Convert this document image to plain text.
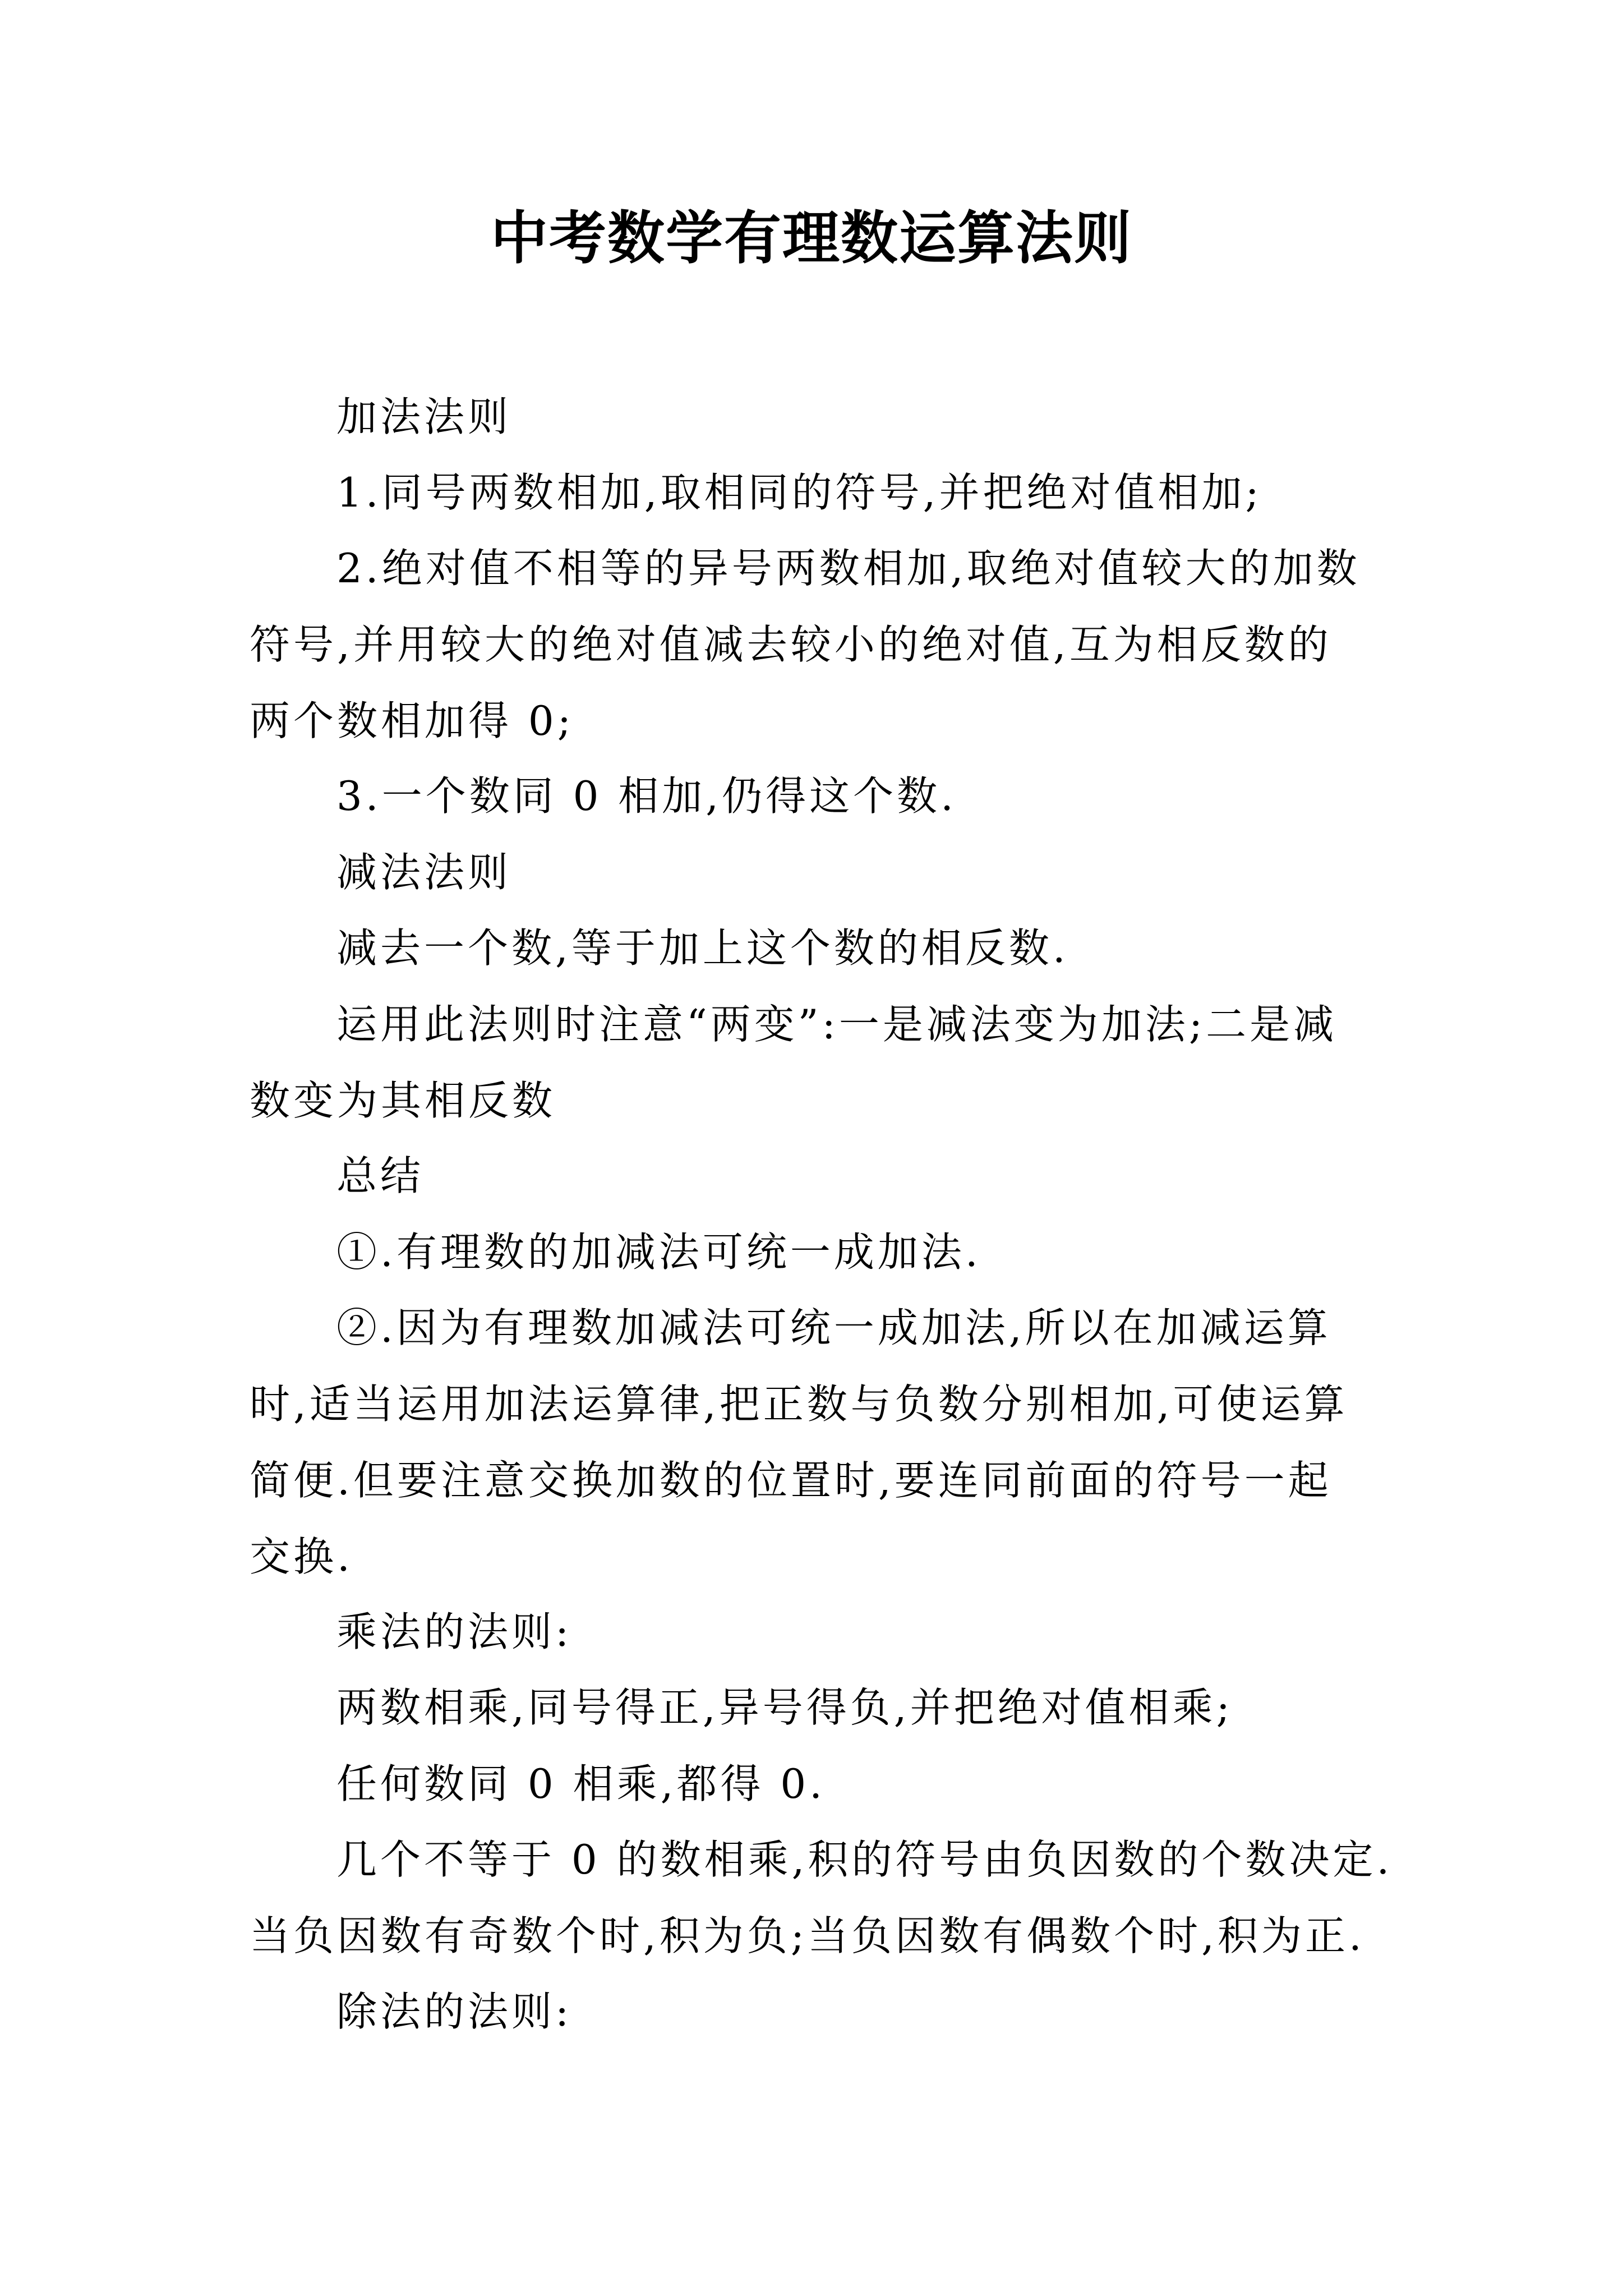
中考数学有理数运算法则
加法法则
1.同号两数相加,取相同的符号,并把绝对值相加;
2.绝对值不相等的异号两数相加,取绝对值较大的加数
符号,并用较大的绝对值减去较小的绝对值,互为相反数的
两个数相加得 0;
3.一个数同 0 相加,仍得这个数.
减法法则
减去一个数,等于加上这个数的相反数.
运用此法则时注意“两变”:一是减法变为加法;二是减
数变为其相反数
总结
①.有理数的加减法可统一成加法.
②.因为有理数加减法可统一成加法,所以在加减运算
时,适当运用加法运算律,把正数与负数分别相加,可使运算
简便.但要注意交换加数的位置时,要连同前面的符号一起
交换.
乘法的法则:
两数相乘,同号得正,异号得负,并把绝对值相乘;
任何数同 0 相乘,都得 0.
几个不等于 0 的数相乘,积的符号由负因数的个数决定.
当负因数有奇数个时,积为负;当负因数有偶数个时,积为正.
除法的法则:
